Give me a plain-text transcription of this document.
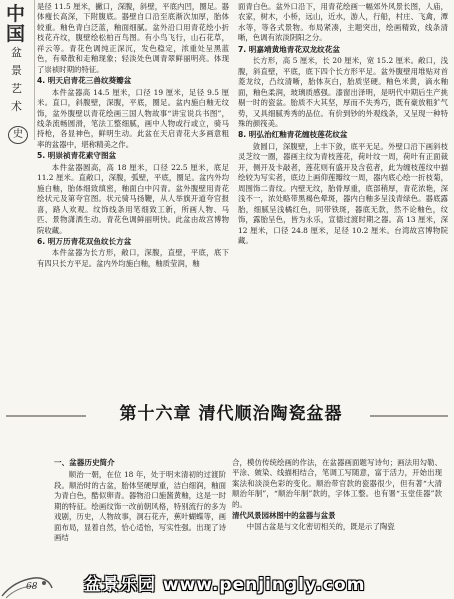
中国
盆
景
艺
术
史

是径 11.5 厘米，撇口，深腹，斜壁，平底内凹，圈足。器体瘦长高深，下附腹底。器壁自口沿至底渐次加厚，胎体较重。釉色青白泛蓝，釉面细腻。盆外沿口用青花绘小折枝花卉纹，腹壁绘松柏百鸟图。有小鸟飞行，山石花草，祥云等。青花色调纯正深沉，发色稳定，浓重处呈黑蓝色，有晕散和走釉现象；轻淡处色调青翠鲜丽明亮。体现了崇祯时期的特征。

4. 明天启青花三兽纹葵瓣盆

本件盆器高 14.5 厘米，口径 19 厘米，足径 9.5 厘米。直口，斜腹壁，深腹，平底，圈足。盆内施白釉无纹饰，盆外腹壁以青花绘画三国人物故事“讲宝说兵书图”，线条流畅圆滑，笔法工整细腻，画中人物或行或立，骑马持枪，各显神色，鲜明生动。此盆在天启青花大多画意粗率的盆器中，堪称精美之作。

5. 明崇祯青花素守图盆

本件盆器圆高，高 18 厘米，口径 22.5 厘米，底足 11.2 厘米。直敞口，深腹，弧壁，平底，圈足。盆内外均施白釉，胎体细致缜密，釉面白中闪青。盆外腹壁用青花绘状元及第夸官图。状元骑马扬鞭，从人举旗开道夸官报喜，路人欢观。纹饰线条用笔细致工新，所画人物、马匹、景物潇洒生动。青花色调鲜丽明快。此盆由故宫博物院收藏。

6. 明万历青花双鱼纹长方盆

本件盆器为长方形，敞口，深腹，直壁，平底，底下有四只长方平足。盆内外均施白釉，釉质莹润，釉

面青白色。盆外口沿下，用青花绘画一幅郊外风景长图，人庙，农家，树木，小桥，远山，近水，游人，行船，村庄、飞禽，潭水等，等各式景物。布局紧凑，主题突出，绘画精致，线条清晰，色调有浓淡阴阳之分。

7. 明嘉靖黄地青花双龙纹花盆

长方形，高 5 厘米，长 20 厘米，宽 15.2 厘米。敞口，浅腹，斜直壁，平底，底下四个长方形平足。盆外腹壁用堆贴对首菱龙纹，凸纹清晰，胎体灰白，胎质坚硬。釉色米黄，滴水釉面，釉色柔润，玻璃质感强。漆窗出泽明，是明代中期后生产挑剔一时的瓷盆。胎质不大其坚，厚而不失秀巧，既有豪放粗犷气势，又具细腻秀秀的品位。有价到钞的外观线条，又呈现一种特殊的颜筏美。

8. 明弘治红釉青花缠枝莲花纹盆

敛圆口，深腹壁，上丰下敛，底平无足。外壁口沿下画斜枝灵芝纹一圈，器画主纹为青枝莲花，荷叶纹一周，荷叶有正面裁开，侧开及卡敲者，莲花则有盛开及含苞者，此为缠枝莲纹中描绘较为写实者，底边上画仰莲瓣纹一周，器内底心绘一折枝菊，周围饰二青纹。内壁无纹，胎骨厚重，底部稍厚，青花浓艳，深浅不一，浓处略带黑褐色晕斑，器内白釉多呈浅青绿色。器底露胎，细腻呈浅橘红色，同带铁斑，器底无款，然不论釉色，纹饰，露胎呈色，皆为永乐，宣德过渡时期之器。高 13 厘米，深 12 厘米，口径 24.8 厘米，足径 10.2 厘米。台湾故宫博物院藏。

第十六章 清代顺治陶瓷盆器
一、盆器历史简介

顺治一朝，在位 18 年，处于明末清初的过渡阶段。顺治时的古盆，胎体坚硬厚重，洁白细润，釉面为青白色，酷似卵青。器物沿口施酱黄釉，这是一时期的特征。绘画纹饰一改前朝风格，特别流行的多为戏剧，历史，人物故事，洞石花卉，蕉叶蝴蝶等，画面布局，显着自然，恰心适怡，写实性强。出现了诗画结

合，模仿传统绘画的作法，在盆器画面题写诗句；画法用勾勒、平涂、皴染、线描相结合，笔调工写随意，富于活力，开始出现案法和淡淡色彩的变化。顺治带官款的瓷器很少，但有著“大清顺治年制”，“顺治年制”款的，字体工整。也有署“玉堂佳器”款的。

清代风景园林图中的盆器与盆景

中国古盆是与文化密切相关的，既是示了陶瓷

68	盆景乐园 www.penjingly.com
